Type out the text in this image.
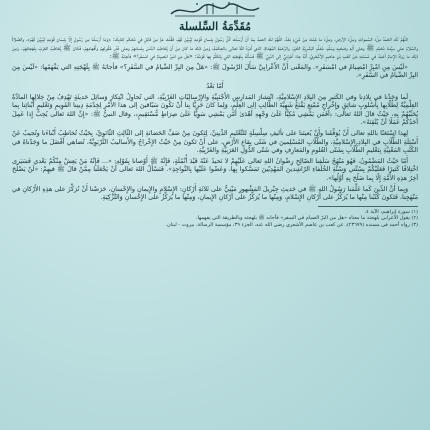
مُقَدِّمَةُ السِّلسلة

اللَّهُمَّ لَكَ الحَمْدُ مِلْءَ السَّمواتِ ومِلْءَ الأرضِ، ومِلْءَ ما شِئْتَ مِنْ شَيْءٍ بَعْدُ، اللَّهُمَّ لكَ الحمدُ بِمَا أَنْ أَرْسَلْتَ كُلَّ رَسُولٍ بِلِسانِ قَوْمِهِ لِيُبَيِّنَ لَهُمْ، فَقُلْتَ عَزَّ مِنْ قائِلٍ في مُحْكَمِ كِتابِكَ: ﴿وَمَا أَرْسَلْنَا مِن رَّسُولٍ إِلَّا بِلِسَانِ قَوْمِهِ لِيُبَيِّنَ لَهُمْ﴾، والصَّلاةُ والسَّلامُ على سيِّدنا مُحَمَّدٍ ﷺ وعلى آلِهِ وصَحْبِهِ وسَلَّمَ، مُعَلِّمِ البَشَرِيَّةِ الخَيْرَ، والرَّحْمَةِ المُهْداةِ، الذي أَمَرَهُ اللهُ تعالى بالحِكْمَةِ، وَمِنْ ذلِكَ ما كانَ مِنْ أَنْ يُخاطِبَ النّاسَ بِلِسانِهِمْ وعلى قَدْرِ عُقُولِهِمْ وأَفْهامِهِمْ، فَكانَ ﷺ يُخاطِبُ العَرَبَ بِلَهَجاتِهِمْ. وَمِنْ ذلِكَ ما رَواهُ الإِمامُ أَحْمَدُ في مُسْنَدِهِ عَنْ كَعْبِ بْنِ عاصِمٍ الأَشْعَرِيِّ، أَنَّهُ جاءَ أَعْرابِيٌّ إلى النَّبِيِّ ﷺ فَسَأَلَهُ بِلَهْجَتِهِ التي يَتَكَلَّمُ بِها قَوْمُهُ: «هَلْ مِنِ امْبِرِّ امْصِيامُ في امْسَفَرِ؟» فأجابَهُ ﷺ:

«لَيْسَ مِنِ امْبِرِّ امْصِيامُ في امْسَفَرِ». والمَعْنى أَنَّ الأَعْرابِيَّ سَأَلَ الرَّسُولَ ﷺ: «هَلْ مِنَ البِرِّ الصِّيامُ في السَّفَرِ؟» فأجابَهُ ﷺ بِلَهْجَتِهِ التي يَفْهَمُها: «لَيْسَ مِنَ البِرِّ الصِّيامُ في السَّفَرِ».

أَمّا بَعْدُ

لَما وَجَدْنا في بِلادِنا وفي الكَثيرِ مِنَ البِلادِ الإِسْلامِيَّةِ، انْتِشارَ المَدارِسِ الأَجْنَبِيَّةِ والإِرْسالِيّاتِ الغَرْبِيَّةِ، التي تُحاوِلُ ابْتِكارَ وَسائِلَ حَديثَةٍ تَهْدِفُ مِنْ خِلالِها المادَّةُ العِلْمِيَّةُ لِطُلّابِها بِأُسْلوبٍ شائِقٍ وإِخْراجٍ مُمْتِعٍ يَقْنَعُ شَهِيَّةَ الطّالِبِ إلى العِلْمِ، وَلِما كانَ حَرِيًّا بِنا أَنْ نَكُونَ سَبّاقينَ إلى هذا الأَمْرِ لِخِدْمَةِ دِينِنا القَوِيمِ وَتَعْليمِ أَبْنائِنا بِما يُحَبِّبُهُمْ بِهِ، حَيْثُ قالَ اللهُ تَعالى: ﴿أَفَمَن يَمْشِي مُكِبًّا عَلَىٰ وَجْهِهِ أَهْدَىٰ أَمَّن يَمْشِي سَوِيًّا عَلَىٰ صِرَاطٍ مُّسْتَقِيمٍ﴾، وقال النبيُّ ﷺ: «إِنَّ اللهَ تَعالى يُحِبُّ إِذا عَمِلَ أَحَدُكُمْ عَمَلًا أَنْ يُتْقِنَهُ».

لِهذا اسْتَعَنّا باللهِ تعالى أَنْ يُوَفِّقَنا وأَنْ يُعينَنا على تأليفِ سِلْسِلَةٍ للتَّعْليمِ الدِّينِيِّ، لِتَكونَ مِنْ صَفِّ الحَضانَةِ إلى الثّالِثِ الثّانَوِيِّ، بِحَيْثُ تُخاطِبُ أَبْناءَنا وتُجيبُ عَنْ أَسْئِلَةِ الطُّلّابِ في البِلادِ الإِسْلامِيَّةِ، والطُّلّابِ المُسْلِمينَ في شَتّى بِقاعِ الأَرْضِ، على أَنْ تَكونَ مِنْ حَيْثُ الإِخْراجُ والأَساليبُ التَّرْبَوِيَّةُ، تُضاهي أَفْضَلَ ما وَجَدْناهُ في الكُتُبِ المَعْنِيَّةِ بِتَعْليمِ الطُّلّابِ بِشَتّى العُلومِ والمَعارِفِ وفي شَتّى الدُّوَلِ العَرَبِيَّةِ والغَرْبِيَّةِ.

أَمّا حَيْثُ المَضْمُونُ، فَهُوَ مَنْهَجُ سَلَفِنا الصّالِحِ رِضْوانُ اللهِ تَعالى عَلَيْهِمْ لا نَحيدُ عَنْهُ قَيْدَ أُنْمُلَةٍ، فَإِنَّهُ ﷺ أَوْصانا بِقَوْلِهِ: «... فَإِنَّهُ مَنْ يَعِشْ مِنْكُمْ بَعْدي فَسَيَرى اخْتِلافًا كَثيرًا فَعَلَيْكُمْ بِسُنَّتي وَسُنَّةِ الخُلَفاءِ الرّاشِدينَ المَهْدِيّينَ تَمَسَّكوا بِها، وَعَضّوا عَلَيْها بِالنَّواجِذِ». فَنَسْأَلُ اللهَ تَعالى أَنْ يَجْعَلَنا مِمَّنْ قالَ ﷺ فيهِمْ: «لَنْ يَصْلُحَ آخِرُ هذِهِ الأُمَّةِ إِلّا بِما صَلُحَ بِهِ أَوَّلُها».

وَبِما أَنَّ الدِّينَ كَما عَلَّمَنا رَسُولُ اللهِ ﷺ في حَديثِ جِبْريلَ المَشْهورِ مَبْنِيٌّ على ثَلاثَةِ أَرْكانٍ: الإِسْلامِ والإِيمانِ والإِحْسانِ، حَرَصْنا أَنْ نُرَكِّزَ على هذِهِ الأَرْكانِ في مَنْهَجِنا، فَتَكونَ كُتُبُنا مِنْها ما يُرَكِّزُ على أَرْكانِ الإِسْلامِ، وَمِنْها ما يُرَكِّزُ على أَرْكانِ الإِيمانِ، وَمِنْها ما يُرَكِّزُ على الإِحْسانِ وَالتَّزْكِيَةِ.

(١) سورة إبراهيم: الآية ٤.

(٢) يقول الأعرابي بلهجته ما معناه «هل من البرّ الصيام في السفر» فأجابه ﷺ بلهجته وبالطريقة التي يفهمها.

(٣) رواه أحمد في مسنده (٢٣٦٧٩)، عن كعب بن عاصم الأشعري رضي الله عنه، الجزء ٣٩، مؤسسة الرسالة، بيروت - لبنان.
